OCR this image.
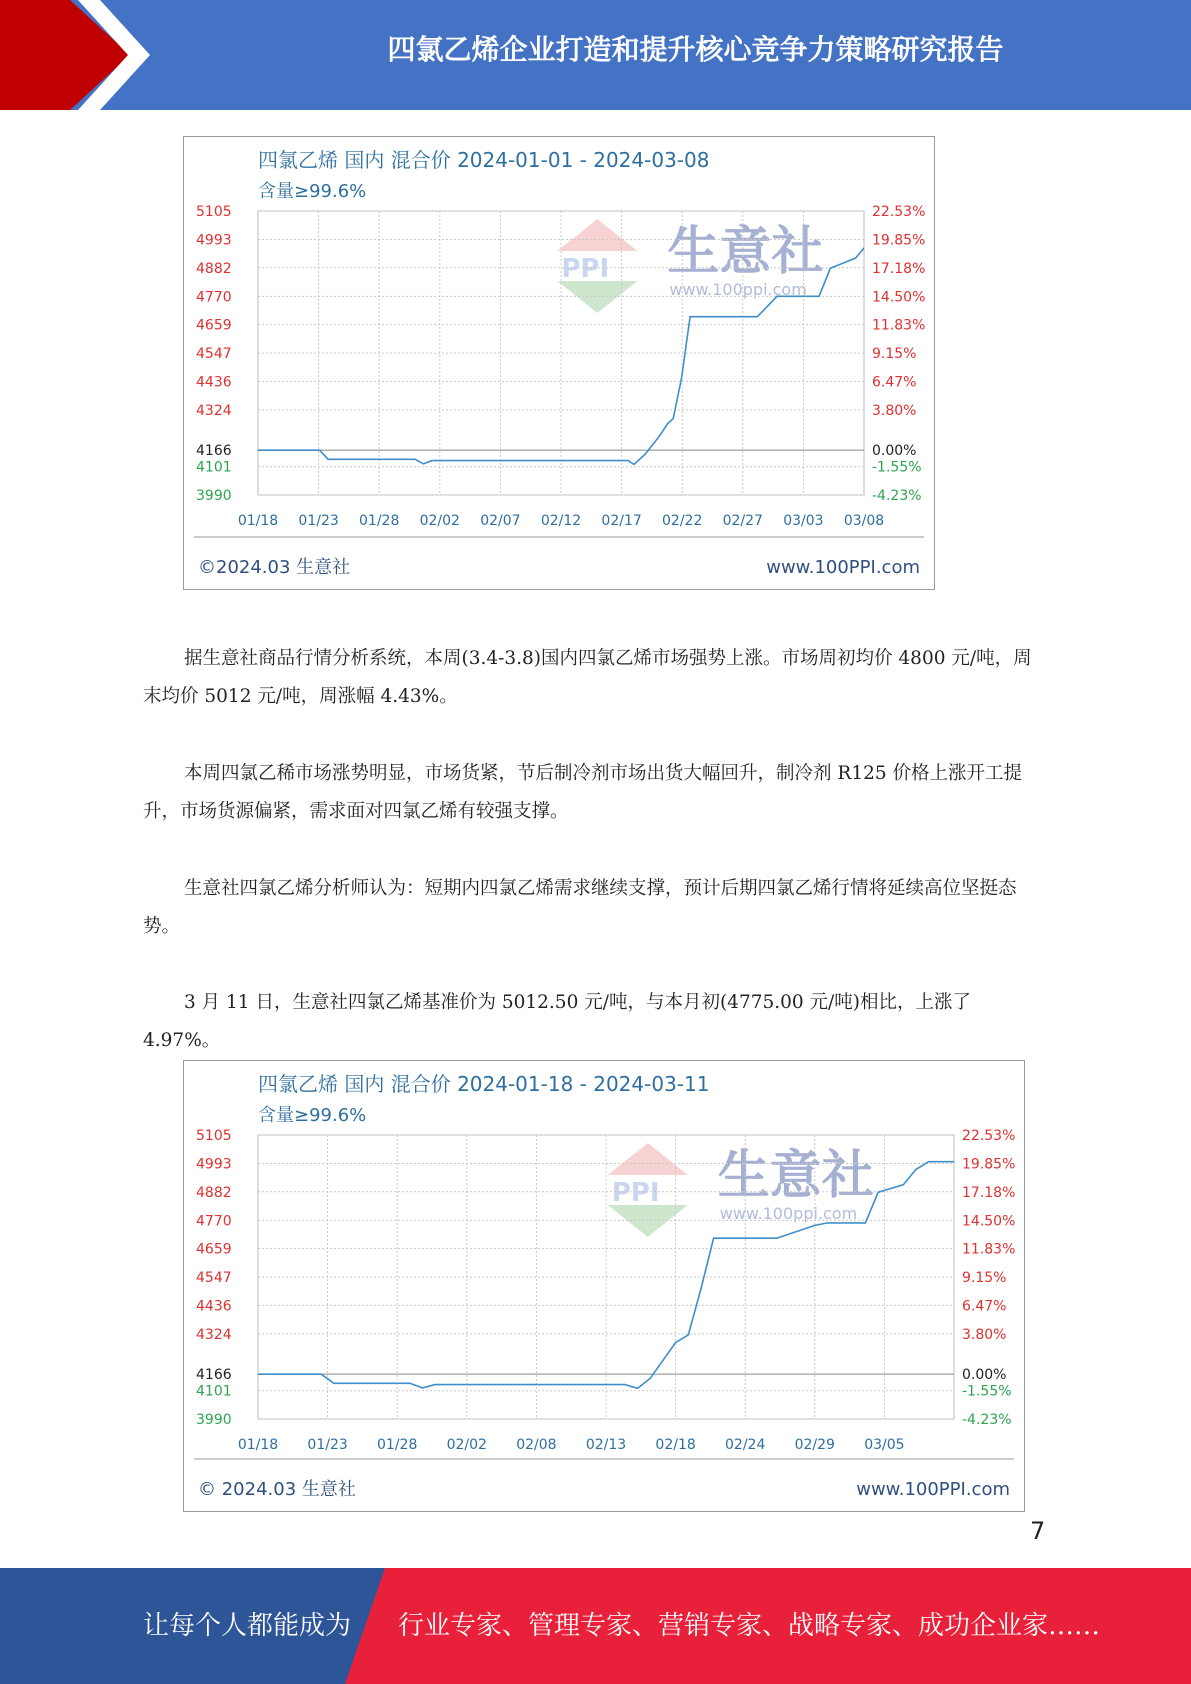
四氯乙烯企业打造和提升核心竞争力策略研究报告
四氯乙烯 国内 混合价 2024-01-01 - 2024-03-08
含量≥99.6%
PPI 生意社
www.100ppi.com
5105	22.53%
4993	19.85%
4882	17.18%
4770	14.50%
4659	11.83%
4547	9.15%
4436	6.47%
4324	3.80%
4166	0.00%
4101	-1.55%
3990	-4.23%
01/18 01/23 01/28 02/02 02/07 02/12 02/17 02/22 02/27 03/03 03/08
©2024.03 生意社	www.100PPI.com
据生意社商品行情分析系统，本周(3.4-3.8)国内四氯乙烯市场强势上涨。市场周初均价 4800 元/吨，周末均价 5012 元/吨，周涨幅 4.43%。
本周四氯乙稀市场涨势明显，市场货紧，节后制冷剂市场出货大幅回升，制冷剂 R125 价格上涨开工提升，市场货源偏紧，需求面对四氯乙烯有较强支撑。
生意社四氯乙烯分析师认为：短期内四氯乙烯需求继续支撑，预计后期四氯乙烯行情将延续高位坚挺态势。
3 月 11 日，生意社四氯乙烯基准价为 5012.50 元/吨，与本月初(4775.00 元/吨)相比，上涨了 4.97%。
四氯乙烯 国内 混合价 2024-01-18 - 2024-03-11
含量≥99.6%
PPI 生意社
www.100ppi.com
5105	22.53%
4993	19.85%
4882	17.18%
4770	14.50%
4659	11.83%
4547	9.15%
4436	6.47%
4324	3.80%
4166	0.00%
4101	-1.55%
3990	-4.23%
01/18 01/23 01/28 02/02 02/08 02/13 02/18 02/24 02/29 03/05
© 2024.03 生意社	www.100PPI.com
7
让每个人都能成为 行业专家、管理专家、营销专家、战略专家、成功企业家……
